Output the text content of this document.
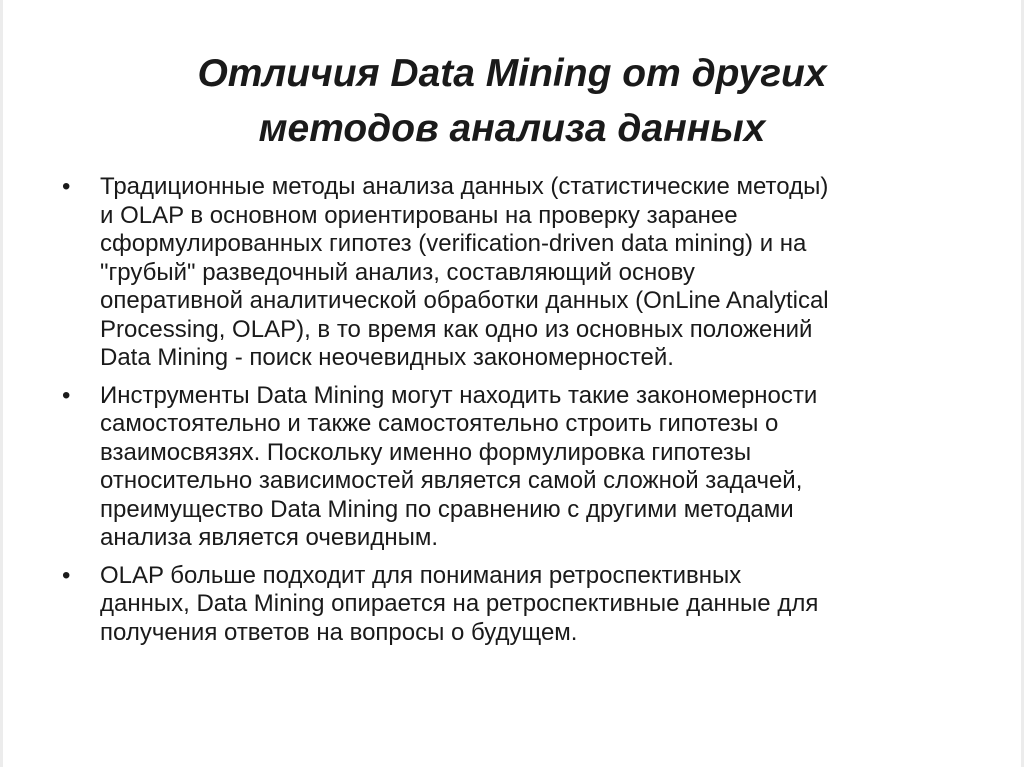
Отличия Data Mining от других
методов анализа данных
• Традиционные методы анализа данных (статистические методы)
и OLAP в основном ориентированы на проверку заранее
сформулированных гипотез (verification-driven data mining) и на
"грубый" разведочный анализ, составляющий основу
оперативной аналитической обработки данных (OnLine Analytical
Processing, OLAP), в то время как одно из основных положений
Data Mining - поиск неочевидных закономерностей.
• Инструменты Data Mining могут находить такие закономерности
самостоятельно и также самостоятельно строить гипотезы о
взаимосвязях. Поскольку именно формулировка гипотезы
относительно зависимостей является самой сложной задачей,
преимущество Data Mining по сравнению с другими методами
анализа является очевидным.
• OLAP больше подходит для понимания ретроспективных
данных, Data Mining опирается на ретроспективные данные для
получения ответов на вопросы о будущем.
